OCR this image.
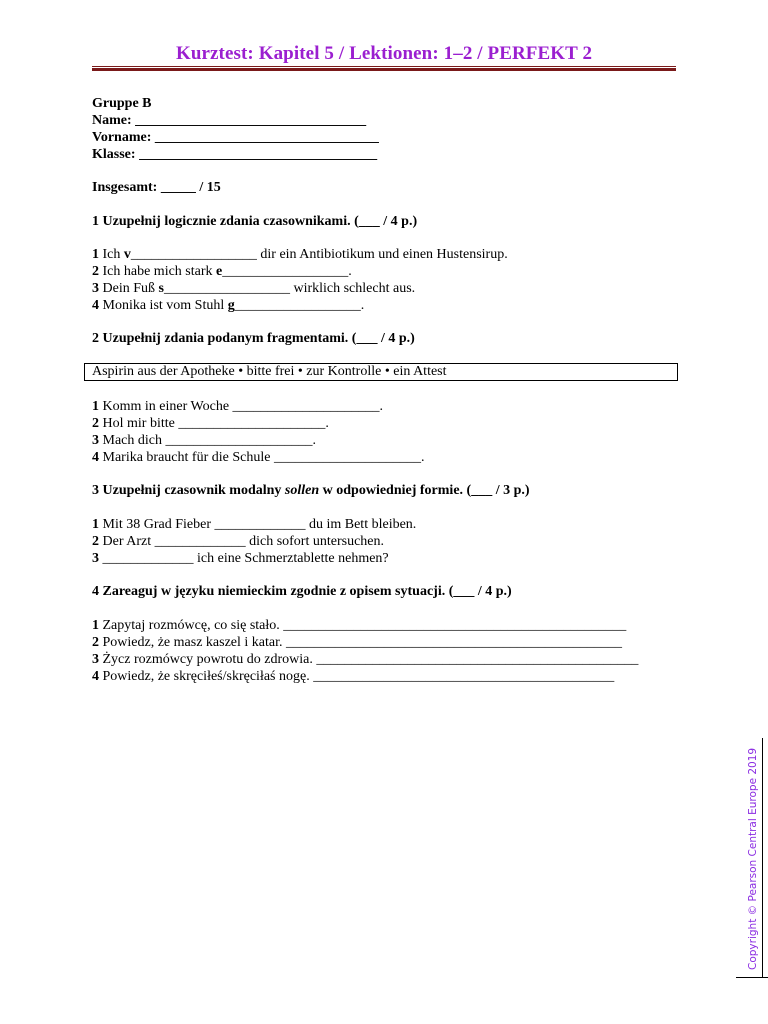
Kurztest: Kapitel 5 / Lektionen: 1–2 / PERFEKT 2
Gruppe B
Name: _________________________________
Vorname: ________________________________
Klasse: __________________________________
Insgesamt: _____ / 15
1 Uzupełnij logicznie zdania czasownikami. (___ / 4 p.)
1 Ich v__________________ dir ein Antibiotikum und einen Hustensirup.
2 Ich habe mich stark e__________________.
3 Dein Fuß s__________________ wirklich schlecht aus.
4 Monika ist vom Stuhl g__________________.
2 Uzupełnij zdania podanym fragmentami. (___ / 4 p.)
Aspirin aus der Apotheke • bitte frei • zur Kontrolle • ein Attest
1 Komm in einer Woche _____________________.
2 Hol mir bitte _____________________.
3 Mach dich _____________________.
4 Marika braucht für die Schule _____________________.
3 Uzupełnij czasownik modalny sollen w odpowiedniej formie. (___ / 3 p.)
1 Mit 38 Grad Fieber _____________ du im Bett bleiben.
2 Der Arzt _____________ dich sofort untersuchen.
3 _____________ ich eine Schmerztablette nehmen?
4 Zareaguj w języku niemieckim zgodnie z opisem sytuacji. (___ / 4 p.)
1 Zapytaj rozmówcę, co się stało. _________________________________________________
2 Powiedz, że masz kaszel i katar. ________________________________________________
3 Życz rozmówcy powrotu do zdrowia. ______________________________________________
4 Powiedz, że skręciłeś/skręciłaś nogę. ___________________________________________
Copyright © Pearson Central Europe 2019
